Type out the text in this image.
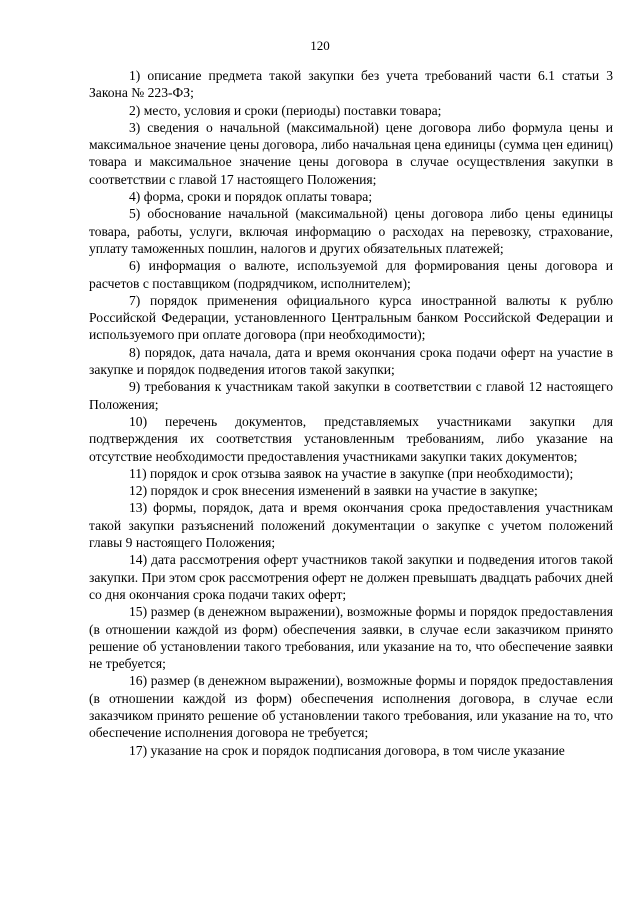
120

1) описание предмета такой закупки без учета требований части 6.1 статьи 3 Закона № 223-ФЗ;

2) место, условия и сроки (периоды) поставки товара;

3) сведения о начальной (максимальной) цене договора либо формула цены и максимальное значение цены договора, либо начальная цена единицы (сумма цен единиц) товара и максимальное значение цены договора в случае осуществления закупки в соответствии с главой 17 настоящего Положения;

4) форма, сроки и порядок оплаты товара;

5) обоснование начальной (максимальной) цены договора либо цены единицы товара, работы, услуги, включая информацию о расходах на перевозку, страхование, уплату таможенных пошлин, налогов и других обязательных платежей;

6) информация о валюте, используемой для формирования цены договора и расчетов с поставщиком (подрядчиком, исполнителем);

7) порядок применения официального курса иностранной валюты к рублю Российской Федерации, установленного Центральным банком Российской Федерации и используемого при оплате договора (при необходимости);

8) порядок, дата начала, дата и время окончания срока подачи оферт на участие в закупке и порядок подведения итогов такой закупки;

9) требования к участникам такой закупки в соответствии с главой 12 настоящего Положения;

10) перечень документов, представляемых участниками закупки для подтверждения их соответствия установленным требованиям, либо указание на отсутствие необходимости предоставления участниками закупки таких документов;

11) порядок и срок отзыва заявок на участие в закупке (при необходимости);

12) порядок и срок внесения изменений в заявки на участие в закупке;

13) формы, порядок, дата и время окончания срока предоставления участникам такой закупки разъяснений положений документации о закупке с учетом положений главы 9 настоящего Положения;

14) дата рассмотрения оферт участников такой закупки и подведения итогов такой закупки. При этом срок рассмотрения оферт не должен превышать двадцать рабочих дней со дня окончания срока подачи таких оферт;

15) размер (в денежном выражении), возможные формы и порядок предоставления (в отношении каждой из форм) обеспечения заявки, в случае если заказчиком принято решение об установлении такого требования, или указание на то, что обеспечение заявки не требуется;

16) размер (в денежном выражении), возможные формы и порядок предоставления (в отношении каждой из форм) обеспечения исполнения договора, в случае если заказчиком принято решение об установлении такого требования, или указание на то, что обеспечение исполнения договора не требуется;

17) указание на срок и порядок подписания договора, в том числе указание
